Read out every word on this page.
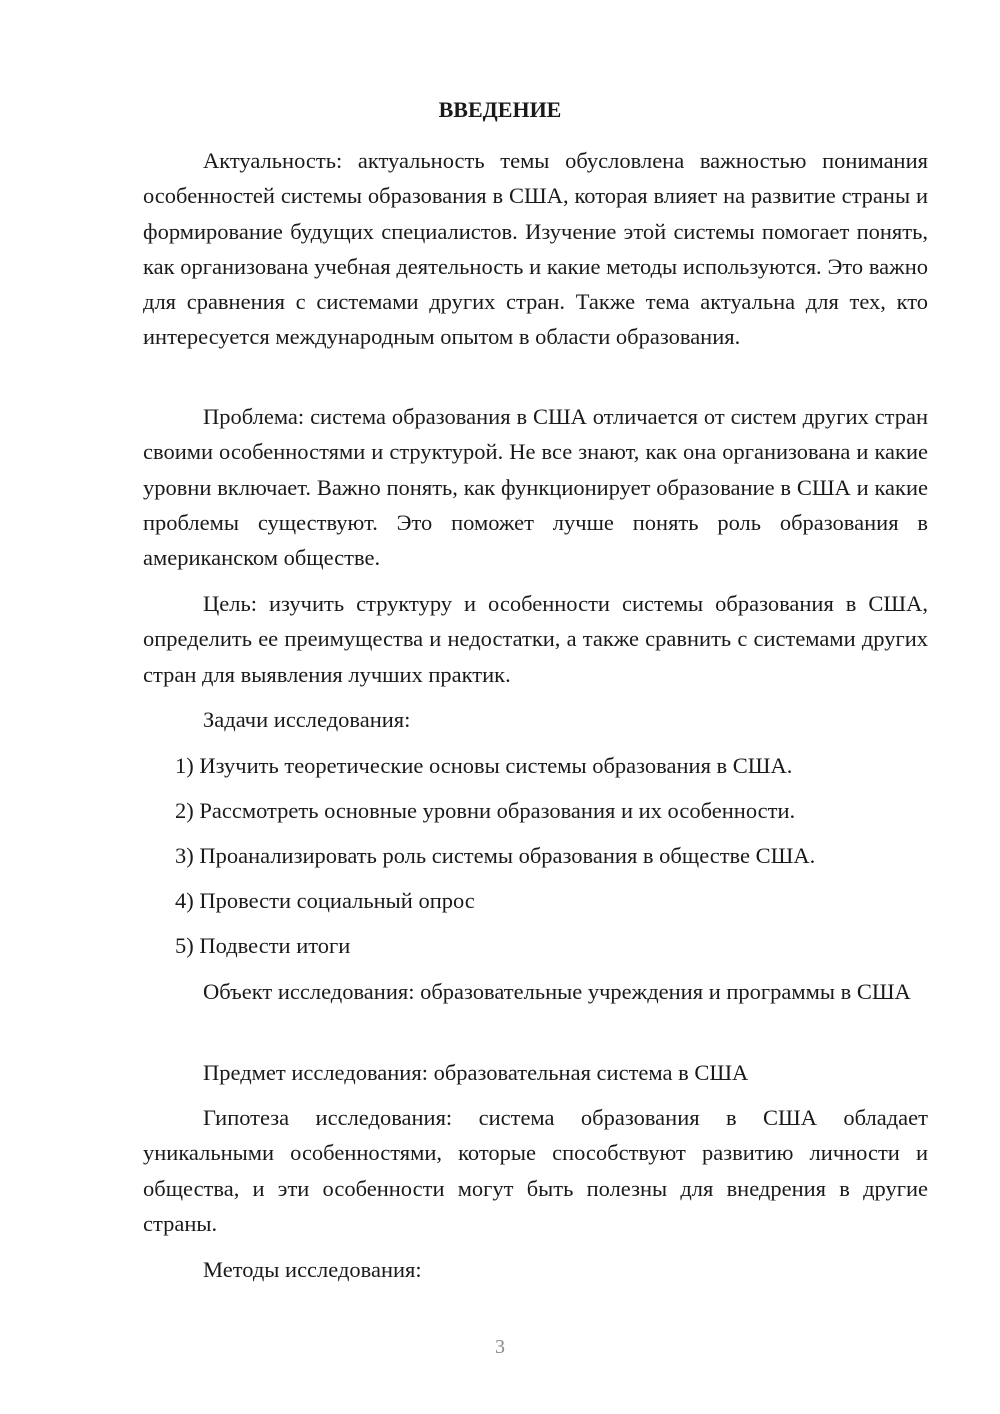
ВВЕДЕНИЕ

Актуальность: актуальность темы обусловлена важностью понимания особенностей системы образования в США, которая влияет на развитие страны и формирование будущих специалистов. Изучение этой системы помогает понять, как организована учебная деятельность и какие методы используются. Это важно для сравнения с системами других стран. Также тема актуальна для тех, кто интересуется международным опытом в области образования.

Проблема: система образования в США отличается от систем других стран своими особенностями и структурой. Не все знают, как она организована и какие уровни включает. Важно понять, как функционирует образование в США и какие проблемы существуют. Это поможет лучше понять роль образования в американском обществе.

Цель: изучить структуру и особенности системы образования в США, определить ее преимущества и недостатки, а также сравнить с системами других стран для выявления лучших практик.

Задачи исследования:

1) Изучить теоретические основы системы образования в США.

2) Рассмотреть основные уровни образования и их особенности.

3) Проанализировать роль системы образования в обществе США.

4) Провести социальный опрос

5) Подвести итоги

Объект исследования: образовательные учреждения и программы в США

Предмет исследования: образовательная система в США

Гипотеза исследования: система образования в США обладает уникальными особенностями, которые способствуют развитию личности и общества, и эти особенности могут быть полезны для внедрения в другие страны.

Методы исследования:

3
